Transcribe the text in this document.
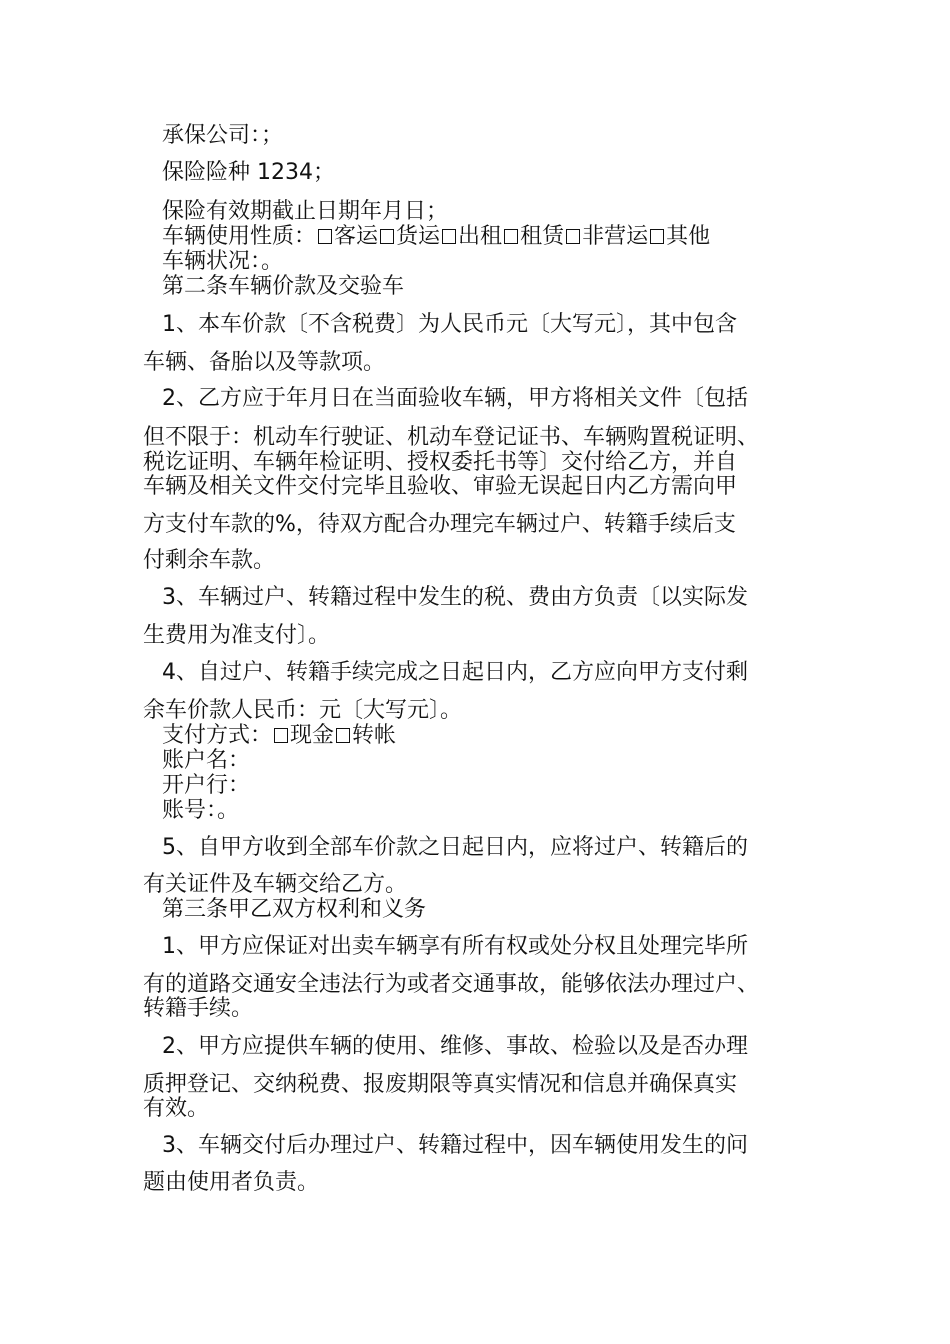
承保公司：；
保险险种 1234；
保险有效期截止日期年月日；
车辆使用性质： 客运 货运 出租 租赁 非营运 其他
车辆状况：。
第二条车辆价款及交验车
1、本车价款〔不含税费〕为人民币元〔大写元〕，其中包含
车辆、备胎以及等款项。
2、乙方应于年月日在当面验收车辆，甲方将相关文件〔包括
但不限于：机动车行驶证、机动车登记证书、车辆购置税证明、
税讫证明、车辆年检证明、授权委托书等〕交付给乙方，并自
车辆及相关文件交付完毕且验收、审验无误起日内乙方需向甲
方支付车款的%，待双方配合办理完车辆过户、转籍手续后支
付剩余车款。
3、车辆过户、转籍过程中发生的税、费由方负责〔以实际发
生费用为准支付〕。
4、自过户、转籍手续完成之日起日内，乙方应向甲方支付剩
余车价款人民币：元〔大写元〕。
支付方式： 现金 转帐
账户名：
开户行：
账号：。
5、自甲方收到全部车价款之日起日内，应将过户、转籍后的
有关证件及车辆交给乙方。
第三条甲乙双方权利和义务
1、甲方应保证对出卖车辆享有所有权或处分权且处理完毕所
有的道路交通安全违法行为或者交通事故，能够依法办理过户、
转籍手续。
2、甲方应提供车辆的使用、维修、事故、检验以及是否办理
质押登记、交纳税费、报废期限等真实情况和信息并确保真实
有效。
3、车辆交付后办理过户、转籍过程中，因车辆使用发生的问
题由使用者负责。
